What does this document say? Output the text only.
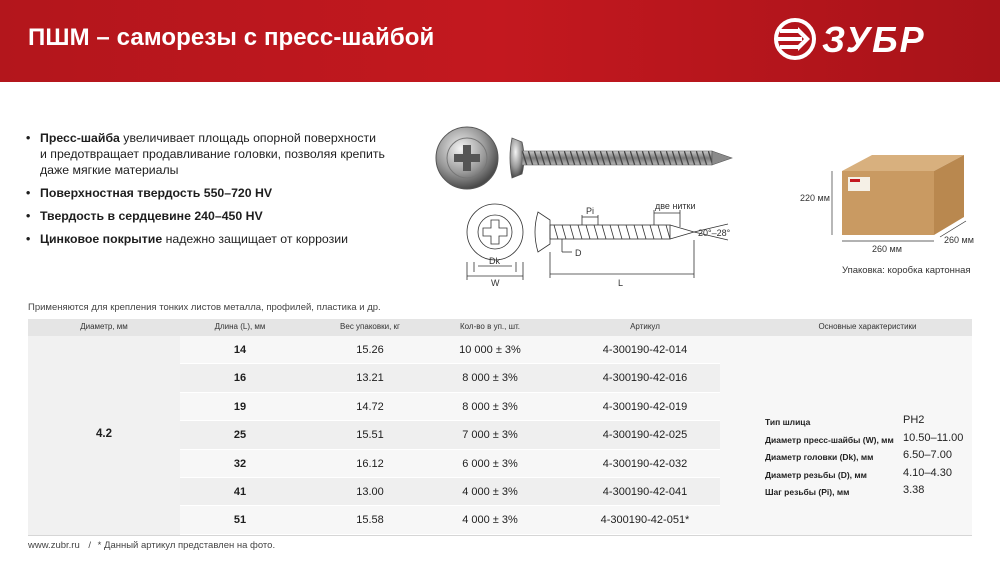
ПШМ – саморезы с пресс-шайбой	ЗУБР
• Пресс-шайба увеличивает площадь опорной поверхности и предотвращает продавливание головки, позволяя крепить даже мягкие материалы
• Поверхностная твердость 550–720 HV
• Твердость в сердцевине 240–450 HV
• Цинковое покрытие надежно защищает от коррозии
Pi	две нитки
20°–28°
D
Dk
W	L
220 мм
260 мм
260 мм
Упаковка: коробка картонная
Применяются для крепления тонких листов металла, профилей, пластика и др.
Диаметр, мм	Длина (L), мм	Вес упаковки, кг	Кол-во в уп., шт.	Артикул	Основные характеристики
4.2
14	15.26	10 000 ± 3%	4-300190-42-014
16	13.21	8 000 ± 3%	4-300190-42-016
19	14.72	8 000 ± 3%	4-300190-42-019
25	15.51	7 000 ± 3%	4-300190-42-025
32	16.12	6 000 ± 3%	4-300190-42-032
41	13.00	4 000 ± 3%	4-300190-42-041
51	15.58	4 000 ± 3%	4-300190-42-051*
Тип шлица	PH2
Диаметр пресс-шайбы (W), мм 10.50–11.00
Диаметр головки (Dk), мм	6.50–7.00
Диаметр резьбы (D), мм	4.10–4.30
Шаг резьбы (Pi), мм	3.38
www.zubr.ru / * Данный артикул представлен на фото.
